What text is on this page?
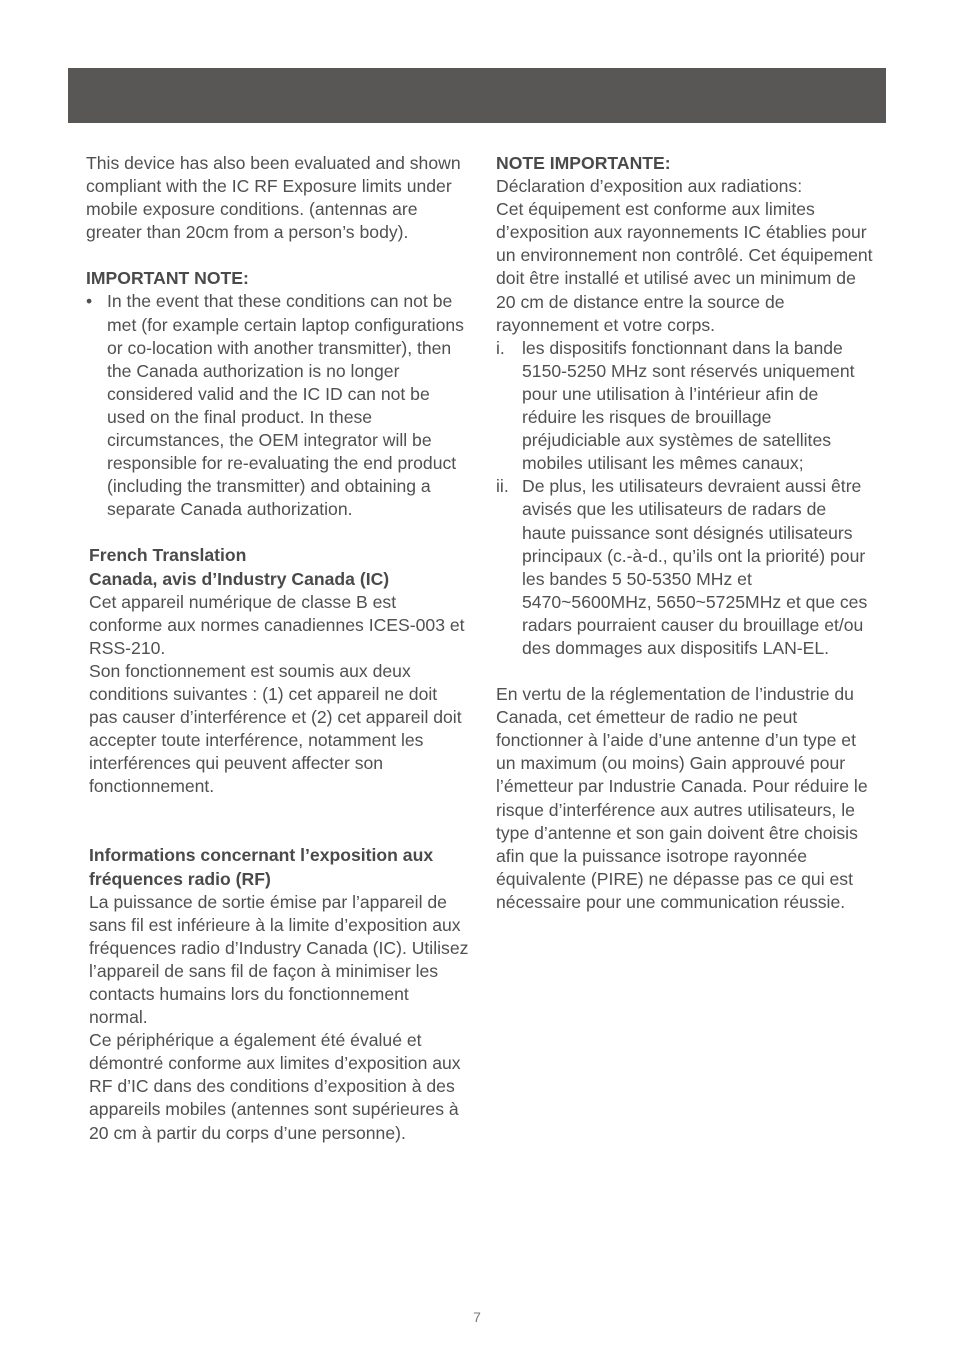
This device has also been evaluated and shown compliant with the IC RF Exposure limits under mobile exposure conditions. (antennas are greater than 20cm from a person’s body).

IMPORTANT NOTE:

• In the event that these conditions can not be met (for example certain laptop configurations or co-location with another transmitter), then the Canada authorization is no longer considered valid and the IC ID can not be used on the final product. In these circumstances, the OEM integrator will be responsible for re-evaluating the end product (including the transmitter) and obtaining a separate Canada authorization.

French Translation

Canada, avis d’Industry Canada (IC)

Cet appareil numérique de classe B est conforme aux normes canadiennes ICES-003 et RSS-210.

Son fonctionnement est soumis aux deux conditions suivantes : (1) cet appareil ne doit pas causer d’interférence et (2) cet appareil doit accepter toute interférence, notamment les interférences qui peuvent affecter son fonctionnement.

Informations concernant l’exposition aux fréquences radio (RF)

La puissance de sortie émise par l’appareil de sans fil est inférieure à la limite d’exposition aux fréquences radio d’Industry Canada (IC). Utilisez l’appareil de sans fil de façon à minimiser les contacts humains lors du fonctionnement normal.

Ce périphérique a également été évalué et démontré conforme aux limites d’exposition aux RF d’IC dans des conditions d’exposition à des appareils mobiles (antennes sont supérieures à 20 cm à partir du corps d’une personne).

NOTE IMPORTANTE:

Déclaration d’exposition aux radiations:

Cet équipement est conforme aux limites d’exposition aux rayonnements IC établies pour un environnement non contrôlé. Cet équipement doit être installé et utilisé avec un minimum de 20 cm de distance entre la source de rayonnement et votre corps.

i. les dispositifs fonctionnant dans la bande 5150-5250 MHz sont réservés uniquement pour une utilisation à l’intérieur afin de réduire les risques de brouillage préjudiciable aux systèmes de satellites mobiles utilisant les mêmes canaux;
ii. De plus, les utilisateurs devraient aussi être avisés que les utilisateurs de radars de haute puissance sont désignés utilisateurs principaux (c.-à-d., qu’ils ont la priorité) pour les bandes 5 50-5350 MHz et 5470~5600MHz, 5650~5725MHz et que ces radars pourraient causer du brouillage et/ou des dommages aux dispositifs LAN-EL.

En vertu de la réglementation de l’industrie du Canada, cet émetteur de radio ne peut fonctionner à l’aide d’une antenne d’un type et un maximum (ou moins) Gain approuvé pour l’émetteur par Industrie Canada. Pour réduire le risque d’interférence aux autres utilisateurs, le type d’antenne et son gain doivent être choisis afin que la puissance isotrope rayonnée équivalente (PIRE) ne dépasse pas ce qui est nécessaire pour une communication réussie.

7
